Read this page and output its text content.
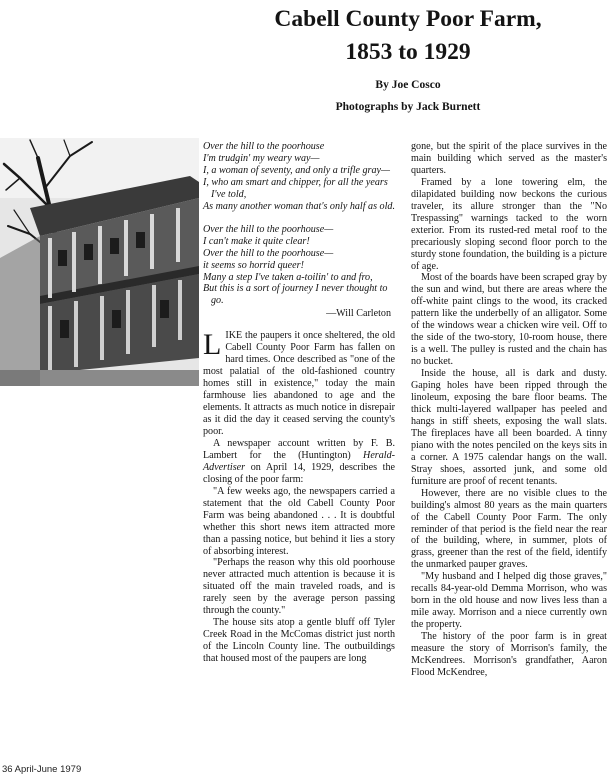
Cabell County Poor Farm,
1853 to 1929

By Joe Cosco

Photographs by Jack Burnett

Over the hill to the poorhouse

I'm trudgin' my weary way—

I, a woman of seventy, and only a trifle gray—

I, who am smart and chipper, for all the years I've told,

As many another woman that's only half as old.

Over the hill to the poorhouse—

I can't make it quite clear!

Over the hill to the poorhouse—

it seems so horrid queer!

Many a step I've taken a-toilin' to and fro,

But this is a sort of journey I never thought to go.

—Will Carleton

LIKE the paupers it once sheltered, the old Cabell County Poor Farm has fallen on hard times. Once described as "one of the most palatial of the old-fashioned country homes still in existence," today the main farmhouse lies abandoned to age and the elements. It attracts as much notice in disrepair as it did the day it ceased serving the county's poor.

A newspaper account written by F. B. Lambert for the (Huntington) Herald-Advertiser on April 14, 1929, describes the closing of the poor farm:

"A few weeks ago, the newspapers carried a statement that the old Cabell County Poor Farm was being abandoned . . . It is doubtful whether this short news item attracted more than a passing notice, but behind it lies a story of absorbing interest.

"Perhaps the reason why this old poorhouse never attracted much attention is because it is situated off the main traveled roads, and is rarely seen by the average person passing through the county."

The house sits atop a gentle bluff off Tyler Creek Road in the McComas district just north of the Lincoln County line. The outbuildings that housed most of the paupers are long

gone, but the spirit of the place survives in the main building which served as the master's quarters.

Framed by a lone towering elm, the dilapidated building now beckons the curious traveler, its allure stronger than the "No Trespassing" warnings tacked to the worn exterior. From its rusted-red metal roof to the precariously sloping second floor porch to the sturdy stone foundation, the building is a picture of age.

Most of the boards have been scraped gray by the sun and wind, but there are areas where the off-white paint clings to the wood, its cracked pattern like the underbelly of an alligator. Some of the windows wear a chicken wire veil. Off to the side of the two-story, 10-room house, there is a well. The pulley is rusted and the chain has no bucket.

Inside the house, all is dark and dusty. Gaping holes have been ripped through the linoleum, exposing the bare floor beams. The thick multi-layered wallpaper has peeled and hangs in stiff sheets, exposing the wall slats. The fireplaces have all been boarded. A tinny piano with the notes penciled on the keys sits in a corner. A 1975 calendar hangs on the wall. Stray shoes, assorted junk, and some old furniture are proof of recent tenants.

However, there are no visible clues to the building's almost 80 years as the main quarters of the Cabell County Poor Farm. The only reminder of that period is the field near the rear of the building, where, in summer, plots of grass, greener than the rest of the field, identify the unmarked pauper graves.

"My husband and I helped dig those graves," recalls 84-year-old Demma Morrison, who was born in the old house and now lives less than a mile away. Morrison and a niece currently own the property.

The history of the poor farm is in great measure the story of Morrison's family, the McKendrees. Morrison's grandfather, Aaron Flood McKendree,

36 April-June 1979
